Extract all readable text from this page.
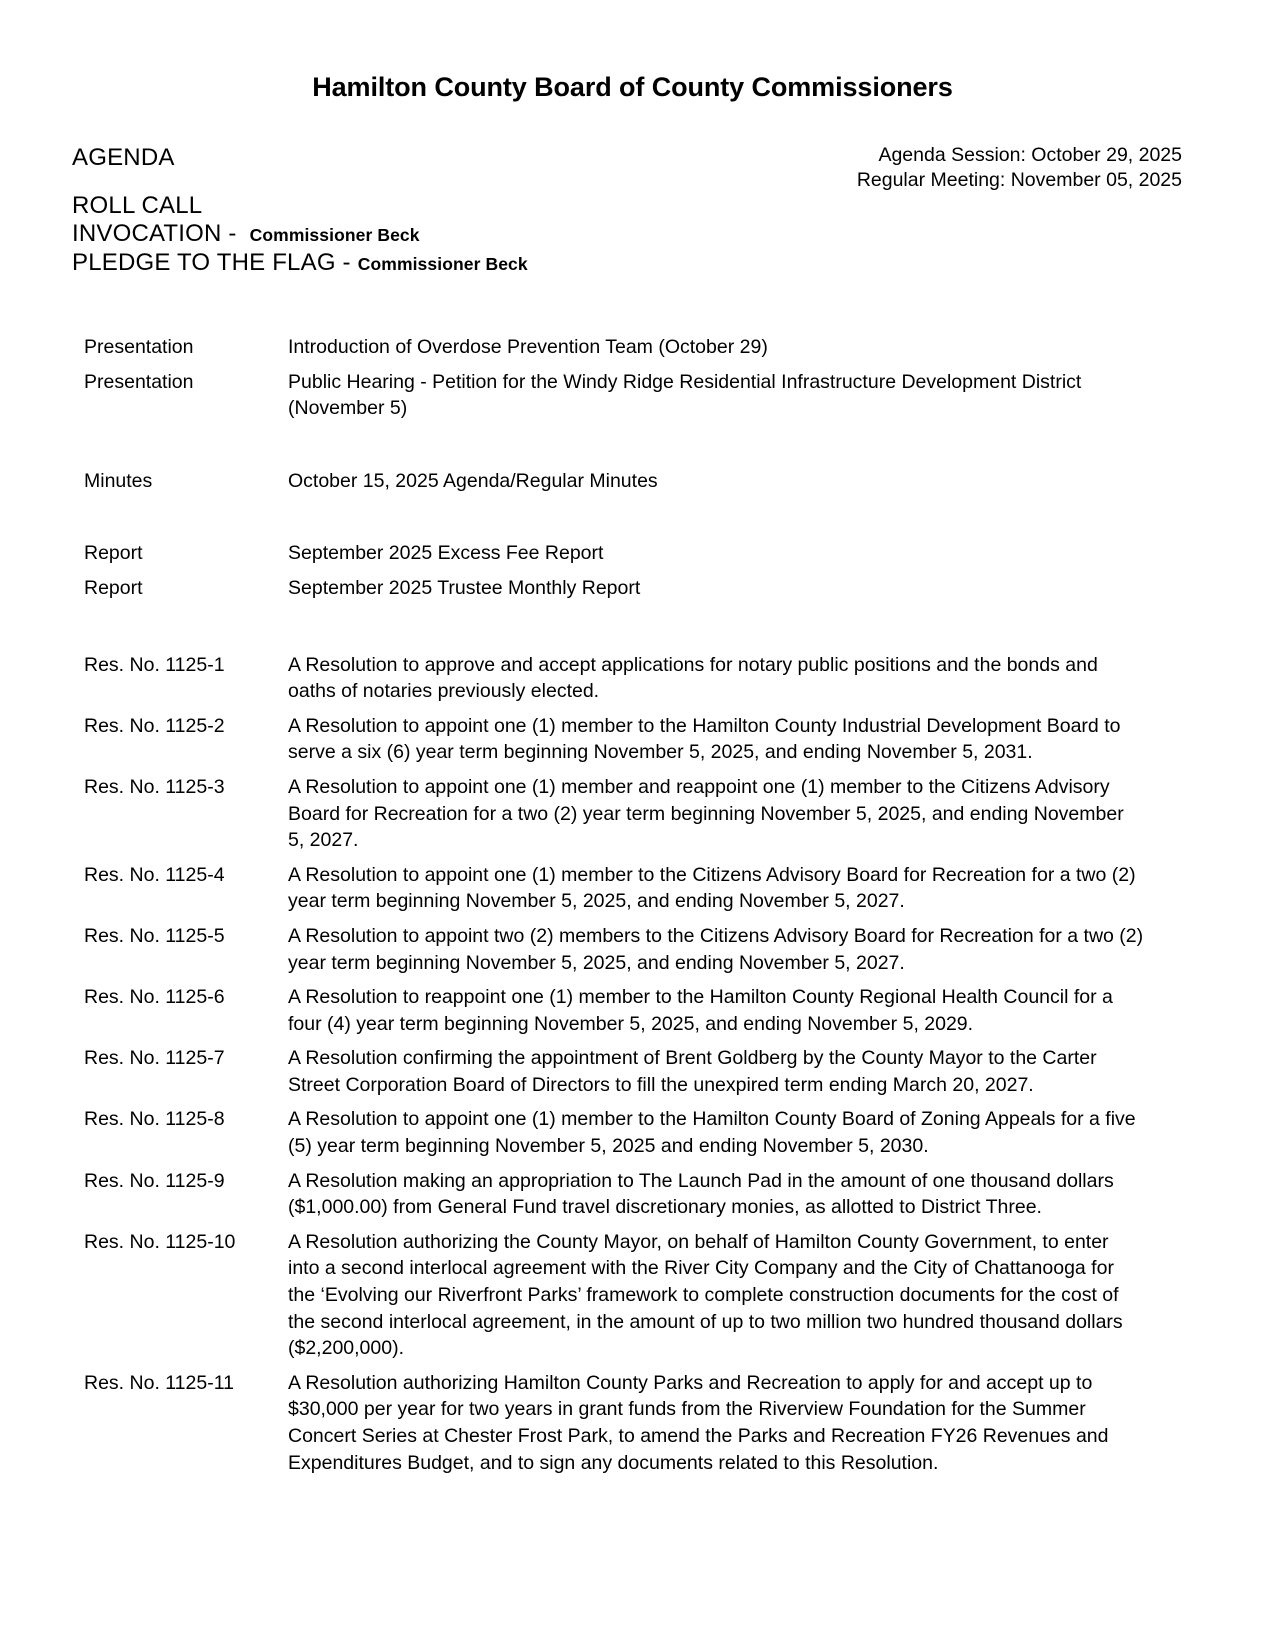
Hamilton County Board of County Commissioners
AGENDA	Agenda Session: October 29, 2025
Regular Meeting: November 05, 2025
ROLL CALL
INVOCATION - Commissioner Beck
PLEDGE TO THE FLAG - Commissioner Beck
Presentation	Introduction of Overdose Prevention Team (October 29)
Presentation	Public Hearing - Petition for the Windy Ridge Residential Infrastructure Development District (November 5)
Minutes	October 15, 2025 Agenda/Regular Minutes
Report	September 2025 Excess Fee Report
Report	September 2025 Trustee Monthly Report
Res. No. 1125-1	A Resolution to approve and accept applications for notary public positions and the bonds and oaths of notaries previously elected.
Res. No. 1125-2	A Resolution to appoint one (1) member to the Hamilton County Industrial Development Board to serve a six (6) year term beginning November 5, 2025, and ending November 5, 2031.
Res. No. 1125-3	A Resolution to appoint one (1) member and reappoint one (1) member to the Citizens Advisory Board for Recreation for a two (2) year term beginning November 5, 2025, and ending November 5, 2027.
Res. No. 1125-4	A Resolution to appoint one (1) member to the Citizens Advisory Board for Recreation for a two (2) year term beginning November 5, 2025, and ending November 5, 2027.
Res. No. 1125-5	A Resolution to appoint two (2) members to the Citizens Advisory Board for Recreation for a two (2) year term beginning November 5, 2025, and ending November 5, 2027.
Res. No. 1125-6	A Resolution to reappoint one (1) member to the Hamilton County Regional Health Council for a four (4) year term beginning November 5, 2025, and ending November 5, 2029.
Res. No. 1125-7	A Resolution confirming the appointment of Brent Goldberg by the County Mayor to the Carter Street Corporation Board of Directors to fill the unexpired term ending March 20, 2027.
Res. No. 1125-8	A Resolution to appoint one (1) member to the Hamilton County Board of Zoning Appeals for a five (5) year term beginning November 5, 2025 and ending November 5, 2030.
Res. No. 1125-9	A Resolution making an appropriation to The Launch Pad in the amount of one thousand dollars ($1,000.00) from General Fund travel discretionary monies, as allotted to District Three.
Res. No. 1125-10	A Resolution authorizing the County Mayor, on behalf of Hamilton County Government, to enter into a second interlocal agreement with the River City Company and the City of Chattanooga for the ‘Evolving our Riverfront Parks’ framework to complete construction documents for the cost of the second interlocal agreement, in the amount of up to two million two hundred thousand dollars ($2,200,000).
Res. No. 1125-11	A Resolution authorizing Hamilton County Parks and Recreation to apply for and accept up to $30,000 per year for two years in grant funds from the Riverview Foundation for the Summer Concert Series at Chester Frost Park, to amend the Parks and Recreation FY26 Revenues and Expenditures Budget, and to sign any documents related to this Resolution.
